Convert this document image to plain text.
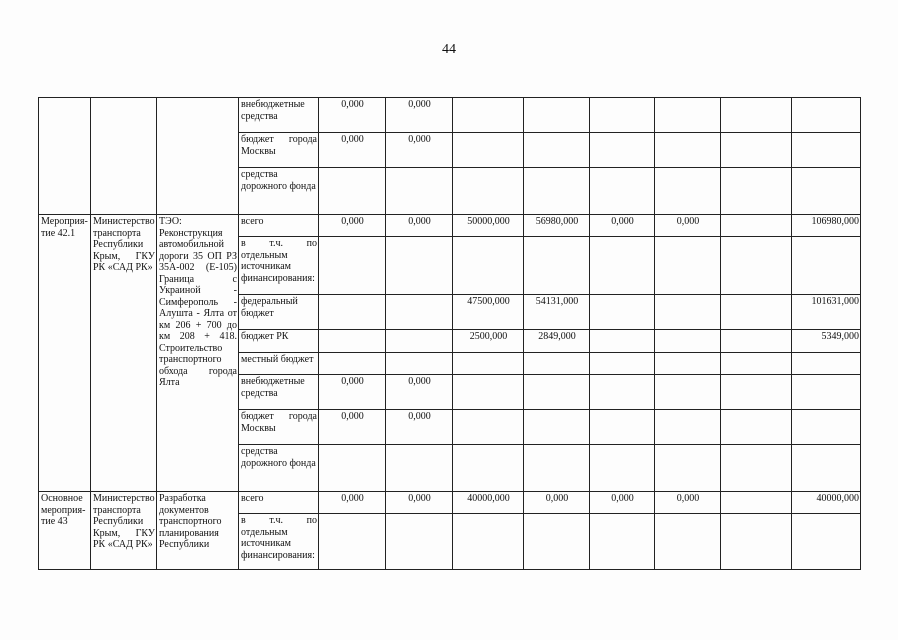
44
			внебюджетные средства	0,000	0,000						
			бюджет города Москвы	0,000	0,000						
			средства дорожного фонда								
Мероприя-тие 42.1	Министерство транспорта Республики Крым, ГКУ РК «САД РК»	ТЭО: Реконструкция автомобильной дороги 35 ОП РЗ 35А-002 (Е-105) Граница с Украиной - Симферополь - Алушта - Ялта от км 206 + 700 до км 208 + 418. Строительство транспортного обхода города Ялта	всего	0,000	0,000	50000,000	56980,000	0,000	0,000		106980,000
			в т.ч. по отдельным источникам финансирования:								
			федеральный бюджет			47500,000	54131,000				101631,000
			бюджет РК			2500,000	2849,000				5349,000
			местный бюджет								
			внебюджетные средства	0,000	0,000						
			бюджет города Москвы	0,000	0,000						
			средства дорожного фонда								
Основное мероприя-тие 43	Министерство транспорта Республики Крым, ГКУ РК «САД РК»	Разработка документов транспортного планирования Республики	всего	0,000	0,000	40000,000	0,000	0,000	0,000		40000,000
			в т.ч. по отдельным источникам финансирования:								
